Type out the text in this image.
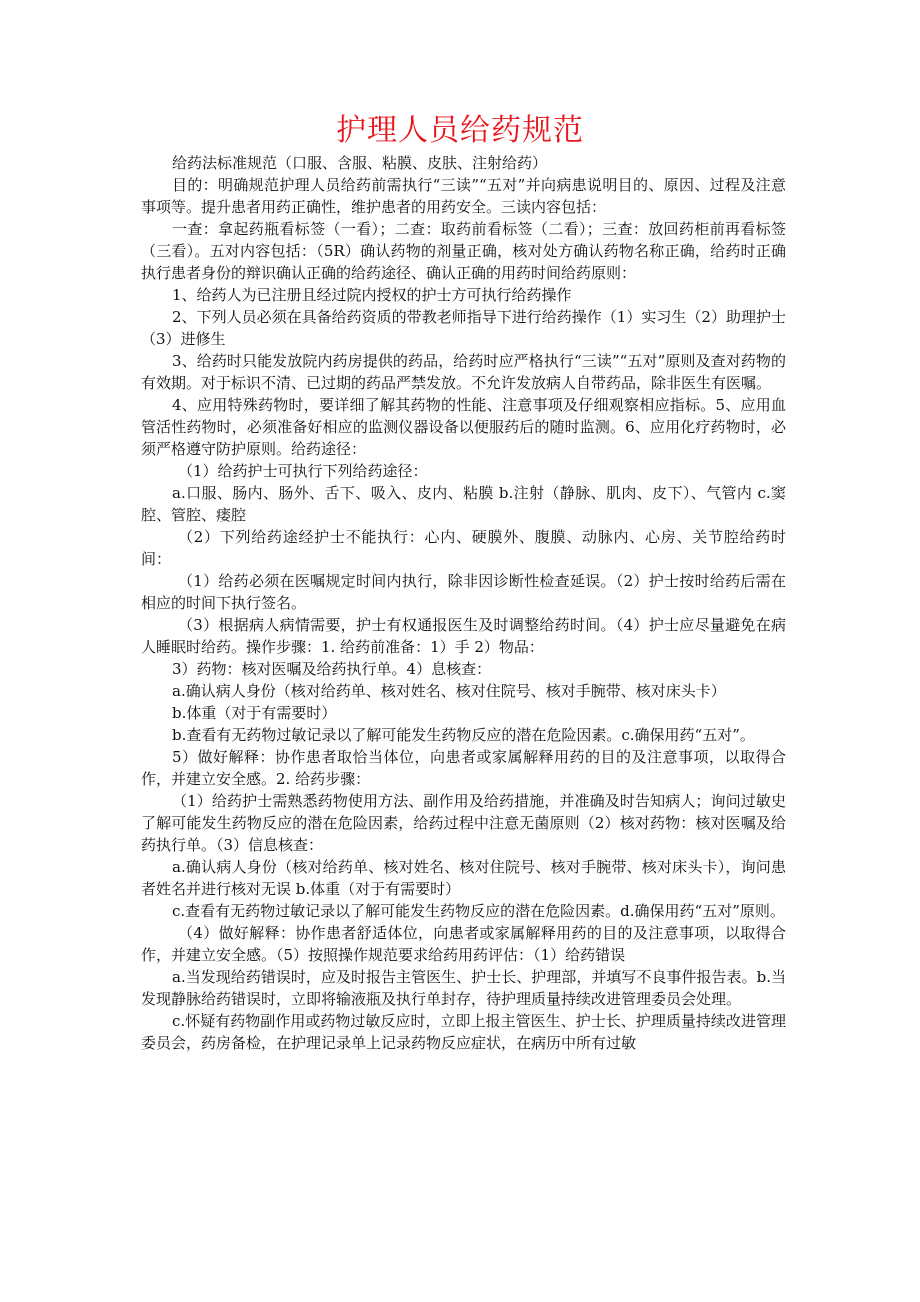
护理人员给药规范

给药法标准规范（口服、含服、粘膜、皮肤、注射给药）

目的：明确规范护理人员给药前需执行“三读”“五对”并向病患说明目的、原因、过程及注意事项等。提升患者用药正确性，维护患者的用药安全。三读内容包括：

一查：拿起药瓶看标签（一看）；二查：取药前看标签（二看）；三查：放回药柜前再看标签（三看）。五对内容包括：（5R）确认药物的剂量正确，核对处方确认药物名称正确，给药时正确执行患者身份的辩识确认正确的给药途径、确认正确的用药时间给药原则：

1、给药人为已注册且经过院内授权的护士方可执行给药操作

2、下列人员必须在具备给药资质的带教老师指导下进行给药操作（1）实习生（2）助理护士（3）进修生

3、给药时只能发放院内药房提供的药品，给药时应严格执行“三读”“五对”原则及查对药物的有效期。对于标识不清、已过期的药品严禁发放。不允许发放病人自带药品，除非医生有医嘱。

4、应用特殊药物时，要详细了解其药物的性能、注意事项及仔细观察相应指标。5、应用血管活性药物时，必须准备好相应的监测仪器设备以便服药后的随时监测。6、应用化疗药物时，必须严格遵守防护原则。给药途径：

（1）给药护士可执行下列给药途径：

a.口服、肠内、肠外、舌下、吸入、皮内、粘膜 b.注射（静脉、肌肉、皮下）、气管内 c.窦腔、管腔、瘘腔

（2）下列给药途经护士不能执行：心内、硬膜外、腹膜、动脉内、心房、关节腔给药时间：

（1）给药必须在医嘱规定时间内执行，除非因诊断性检查延误。（2）护士按时给药后需在相应的时间下执行签名。

（3）根据病人病情需要，护士有权通报医生及时调整给药时间。（4）护士应尽量避免在病人睡眠时给药。操作步骤：1. 给药前准备：1）手 2）物品：

3）药物：核对医嘱及给药执行单。4）息核查：

a.确认病人身份（核对给药单、核对姓名、核对住院号、核对手腕带、核对床头卡）

b.体重（对于有需要时）

b.查看有无药物过敏记录以了解可能发生药物反应的潜在危险因素。c.确保用药“五对”。

5）做好解释：协作患者取恰当体位，向患者或家属解释用药的目的及注意事项，以取得合作，并建立安全感。2. 给药步骤：

（1）给药护士需熟悉药物使用方法、副作用及给药措施，并准确及时告知病人；询问过敏史了解可能发生药物反应的潜在危险因素，给药过程中注意无菌原则（2）核对药物：核对医嘱及给药执行单。（3）信息核查：

a.确认病人身份（核对给药单、核对姓名、核对住院号、核对手腕带、核对床头卡），询问患者姓名并进行核对无误 b.体重（对于有需要时）

c.查看有无药物过敏记录以了解可能发生药物反应的潜在危险因素。d.确保用药“五对”原则。

（4）做好解释：协作患者舒适体位，向患者或家属解释用药的目的及注意事项，以取得合作，并建立安全感。（5）按照操作规范要求给药用药评估：（1）给药错误

a.当发现给药错误时，应及时报告主管医生、护士长、护理部，并填写不良事件报告表。b.当发现静脉给药错误时，立即将输液瓶及执行单封存，待护理质量持续改进管理委员会处理。

c.怀疑有药物副作用或药物过敏反应时，立即上报主管医生、护士长、护理质量持续改进管理委员会，药房备检，在护理记录单上记录药物反应症状，在病历中所有过敏
